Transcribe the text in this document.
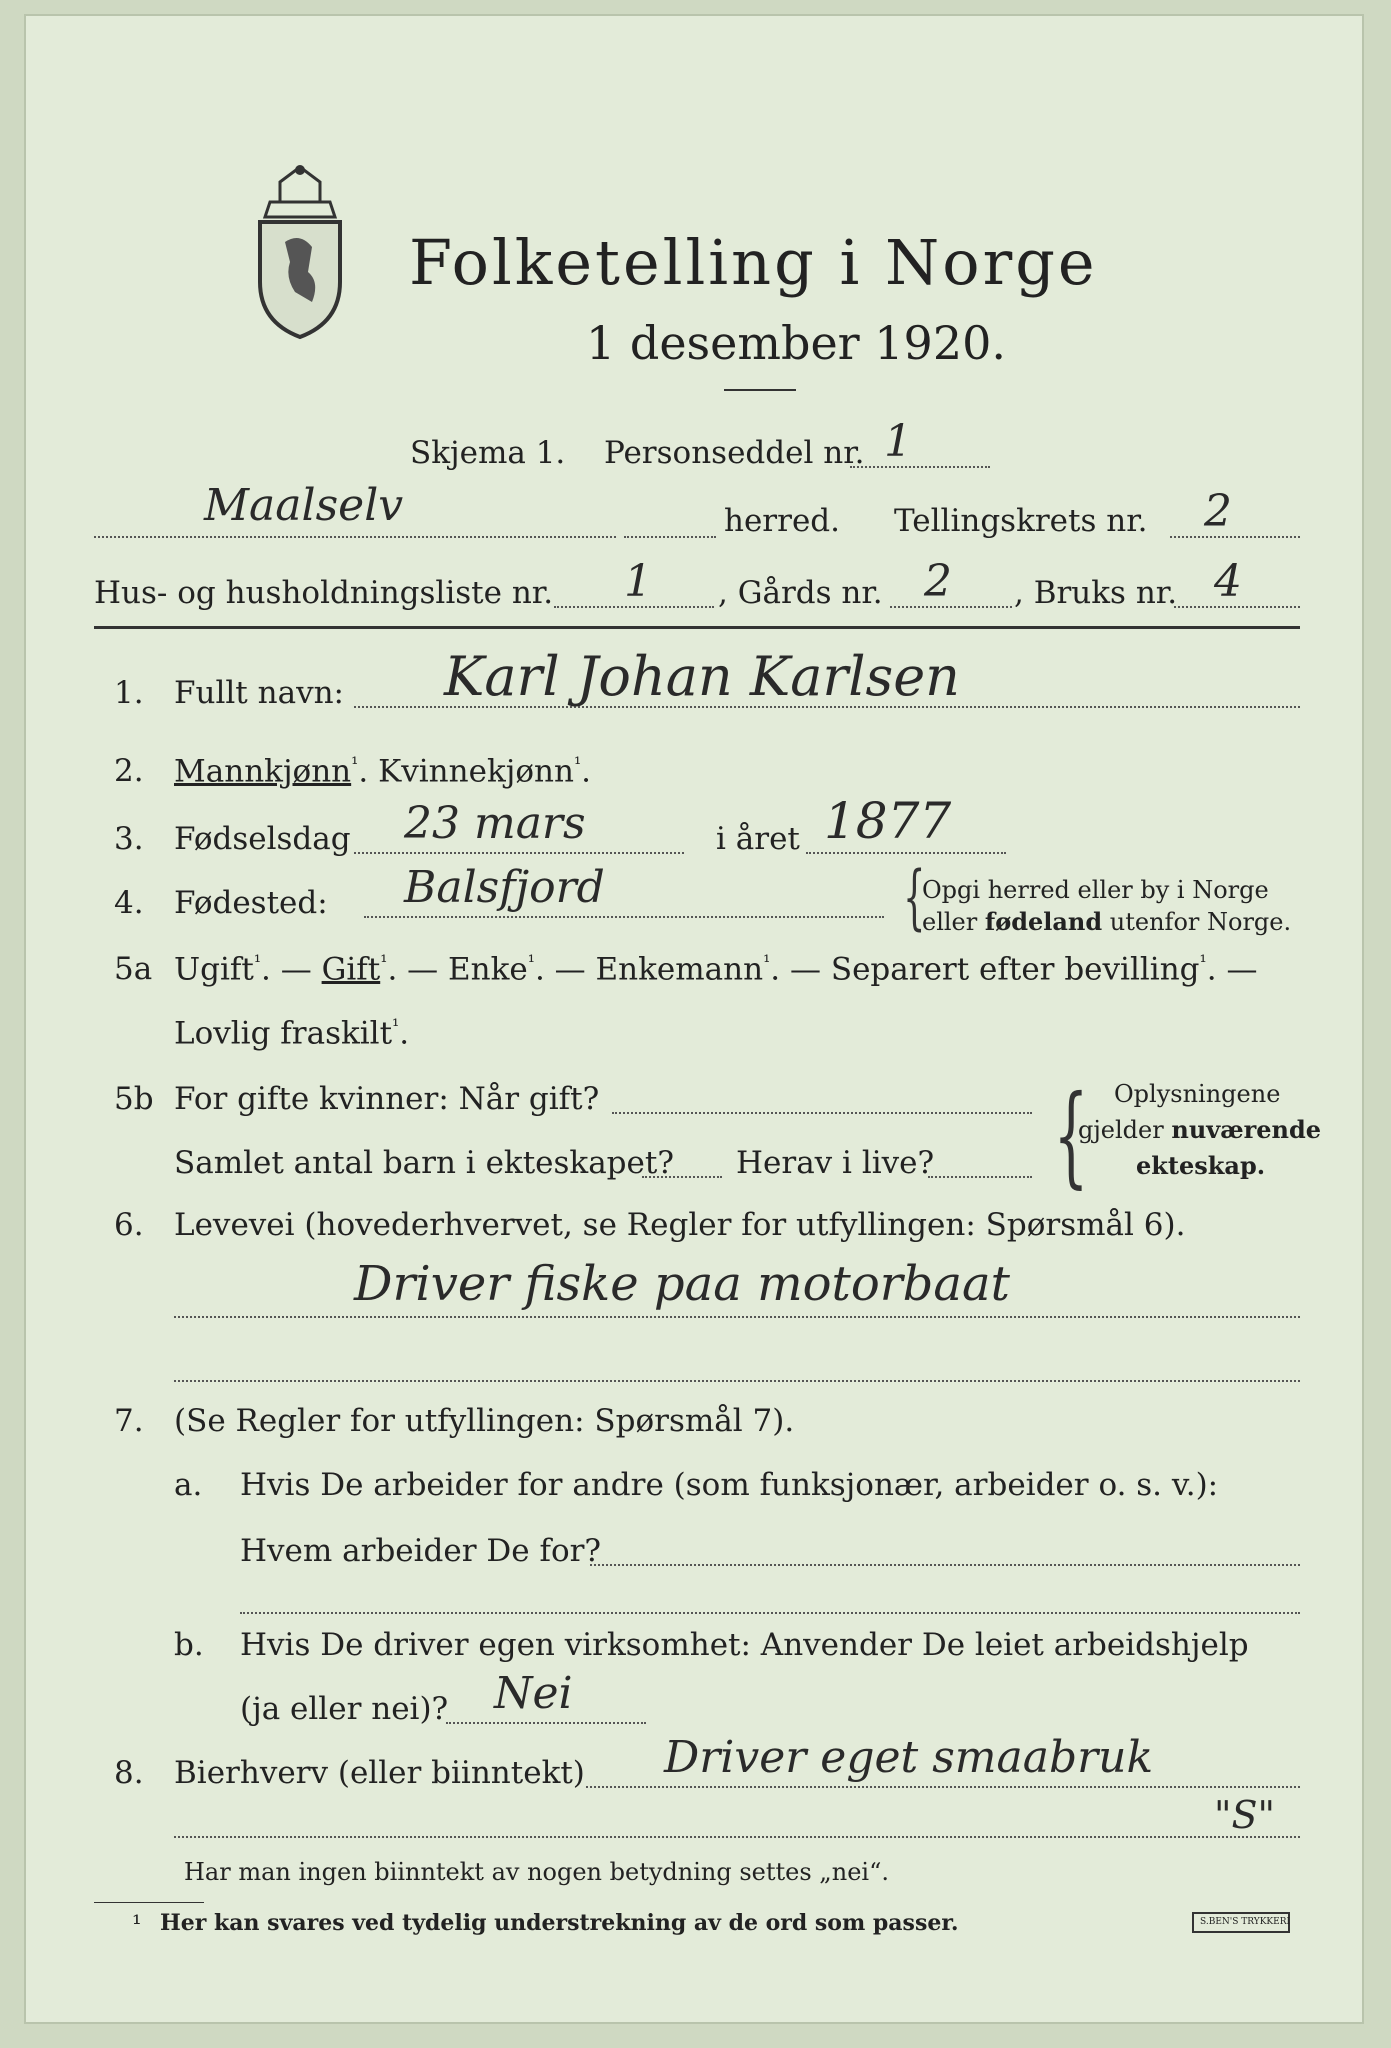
Folketelling i Norge
1 desember 1920.
Skjema 1. Personseddel nr. 1
Maalselv	herred. Tellingskrets nr. 2
Hus- og husholdningsliste nr. 1 , Gårds nr. 2 , Bruks nr. 4
1. Fullt navn: Karl Johan Karlsen
2. Mannkjønn$^{^1}$. Kvinnekjønn$^{^1}$.
3. Fødselsdag 23 mars	i året 1877
4. Fødested: Balsfjord	{
Opgi herred eller by i Norge
eller fødeland utenfor Norge.
5a Ugift$^{^1}$. — Gift$^{^1}$. — Enke$^{^1}$. — Enkemann$^{^1}$. — Separert efter bevilling$^{^1}$. —
Lovlig fraskilt$^{^1}$.
5b For gifte kvinner: Når gift?
Samlet antal barn i ekteskapet? Herav i live? { Oplysningene
gjelder nuværende
ekteskap.
6. Levevei (hovederhvervet, se Regler for utfyllingen: Spørsmål 6).
Driver fiske paa motorbaat
7. (Se Regler for utfyllingen: Spørsmål 7).
a. Hvis De arbeider for andre (som funksjonær, arbeider o. s. v.):
Hvem arbeider De for?
b. Hvis De driver egen virksomhet: Anvender De leiet arbeidshjelp
(ja eller nei)? Nei
8. Bierhverv (eller biinntekt) Driver eget smaabruk
"S"
Har man ingen biinntekt av nogen betydning settes „nei“.
¹ Her kan svares ved tydelig understrekning av de ord som passer.	S.BEN'S TRYKKERI
